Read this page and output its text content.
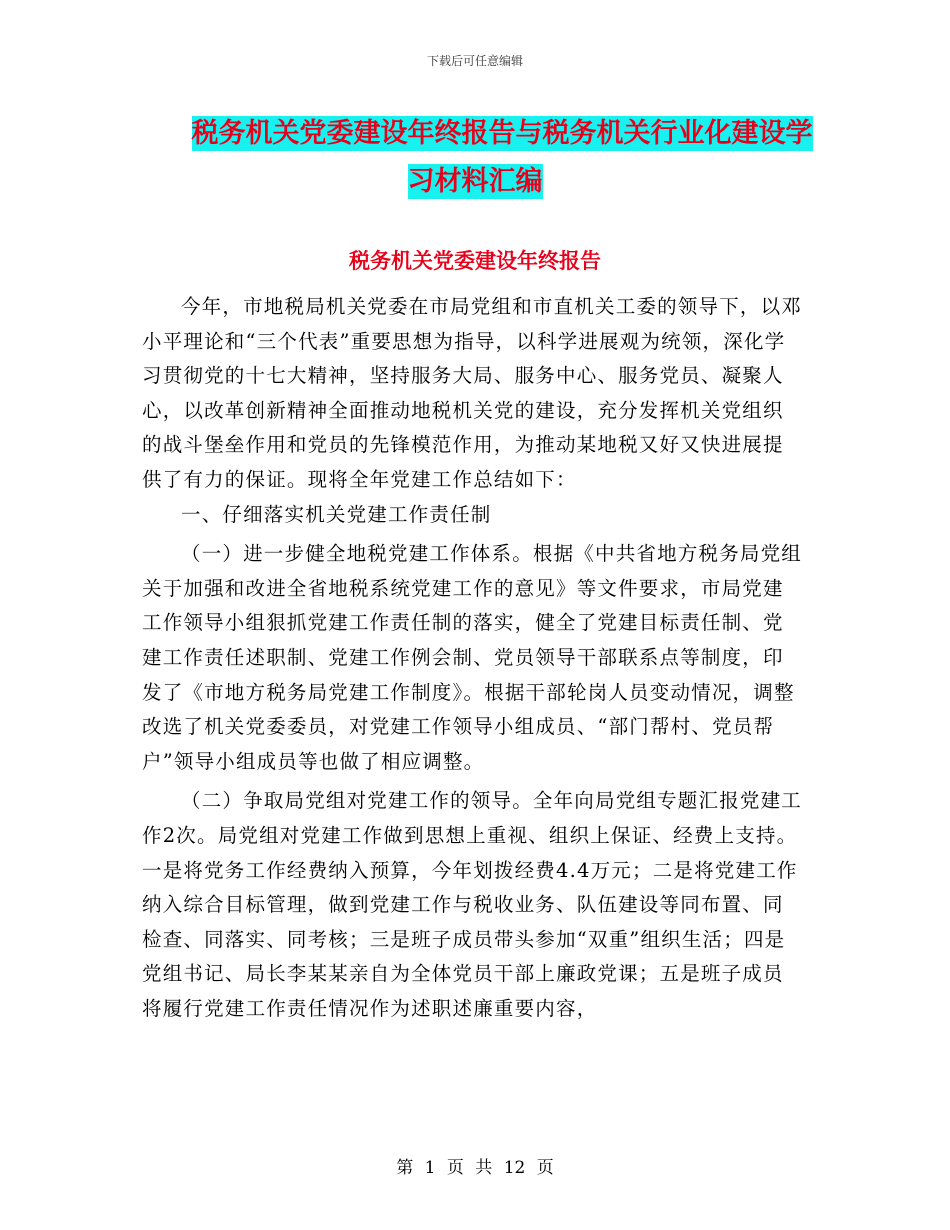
下载后可任意编辑
税务机关党委建设年终报告与税务机关行业化建设学
习材料汇编
税务机关党委建设年终报告

今年，市地税局机关党委在市局党组和市直机关工委的领导下，以邓小平理论和“三个代表”重要思想为指导，以科学进展观为统领，深化学习贯彻党的十七大精神，坚持服务大局、服务中心、服务党员、凝聚人心，以改革创新精神全面推动地税机关党的建设，充分发挥机关党组织的战斗堡垒作用和党员的先锋模范作用，为推动某地税又好又快进展提供了有力的保证。现将全年党建工作总结如下：

一、仔细落实机关党建工作责任制

（一）进一步健全地税党建工作体系。根据《中共省地方税务局党组关于加强和改进全省地税系统党建工作的意见》等文件要求，市局党建工作领导小组狠抓党建工作责任制的落实，健全了党建目标责任制、党建工作责任述职制、党建工作例会制、党员领导干部联系点等制度，印发了《市地方税务局党建工作制度》。根据干部轮岗人员变动情况，调整改选了机关党委委员，对党建工作领导小组成员、“部门帮村、党员帮户”领导小组成员等也做了相应调整。

（二）争取局党组对党建工作的领导。全年向局党组专题汇报党建工作2次。局党组对党建工作做到思想上重视、组织上保证、经费上支持。一是将党务工作经费纳入预算，今年划拨经费4.4万元；二是将党建工作纳入综合目标管理，做到党建工作与税收业务、队伍建设等同布置、同检查、同落实、同考核；三是班子成员带头参加“双重”组织生活；四是党组书记、局长李某某亲自为全体党员干部上廉政党课；五是班子成员将履行党建工作责任情况作为述职述廉重要内容，

第 1 页 共 12 页
